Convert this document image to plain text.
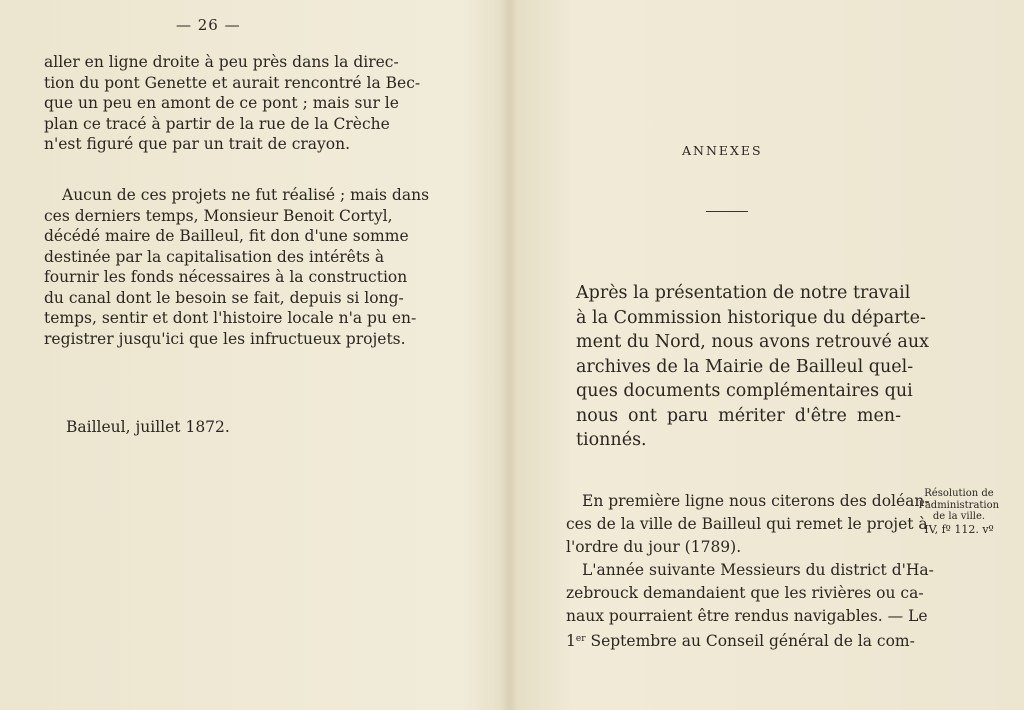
— 26 —
aller en ligne droite à peu près dans la direc-
tion du pont Genette et aurait rencontré la Bec-
que un peu en amont de ce pont ; mais sur le
plan ce tracé à partir de la rue de la Crèche
n'est figuré que par un trait de crayon.
Aucun de ces projets ne fut réalisé ; mais dans
ces derniers temps, Monsieur Benoit Cortyl,
décédé maire de Bailleul, fit don d'une somme
destinée par la capitalisation des intérêts à
fournir les fonds nécessaires à la construction
du canal dont le besoin se fait, depuis si long-
temps, sentir et dont l'histoire locale n'a pu en-
registrer jusqu'ici que les infructueux projets.
Bailleul, juillet 1872.
ANNEXES
Après la présentation de notre travail
à la Commission historique du départe-
ment du Nord, nous avons retrouvé aux
archives de la Mairie de Bailleul quel-
ques documents complémentaires qui
nous ont paru mériter d'être men-
tionnés.
En première ligne nous citerons des doléan-
ces de la ville de Bailleul qui remet le projet à
l'ordre du jour (1789).
L'année suivante Messieurs du district d'Ha-
zebrouck demandaient que les rivières ou ca-
naux pourraient être rendus navigables. — Le
1er Septembre au Conseil général de la com-
Résolution de
l'administration
de la ville.
IV, fº 112. vº
